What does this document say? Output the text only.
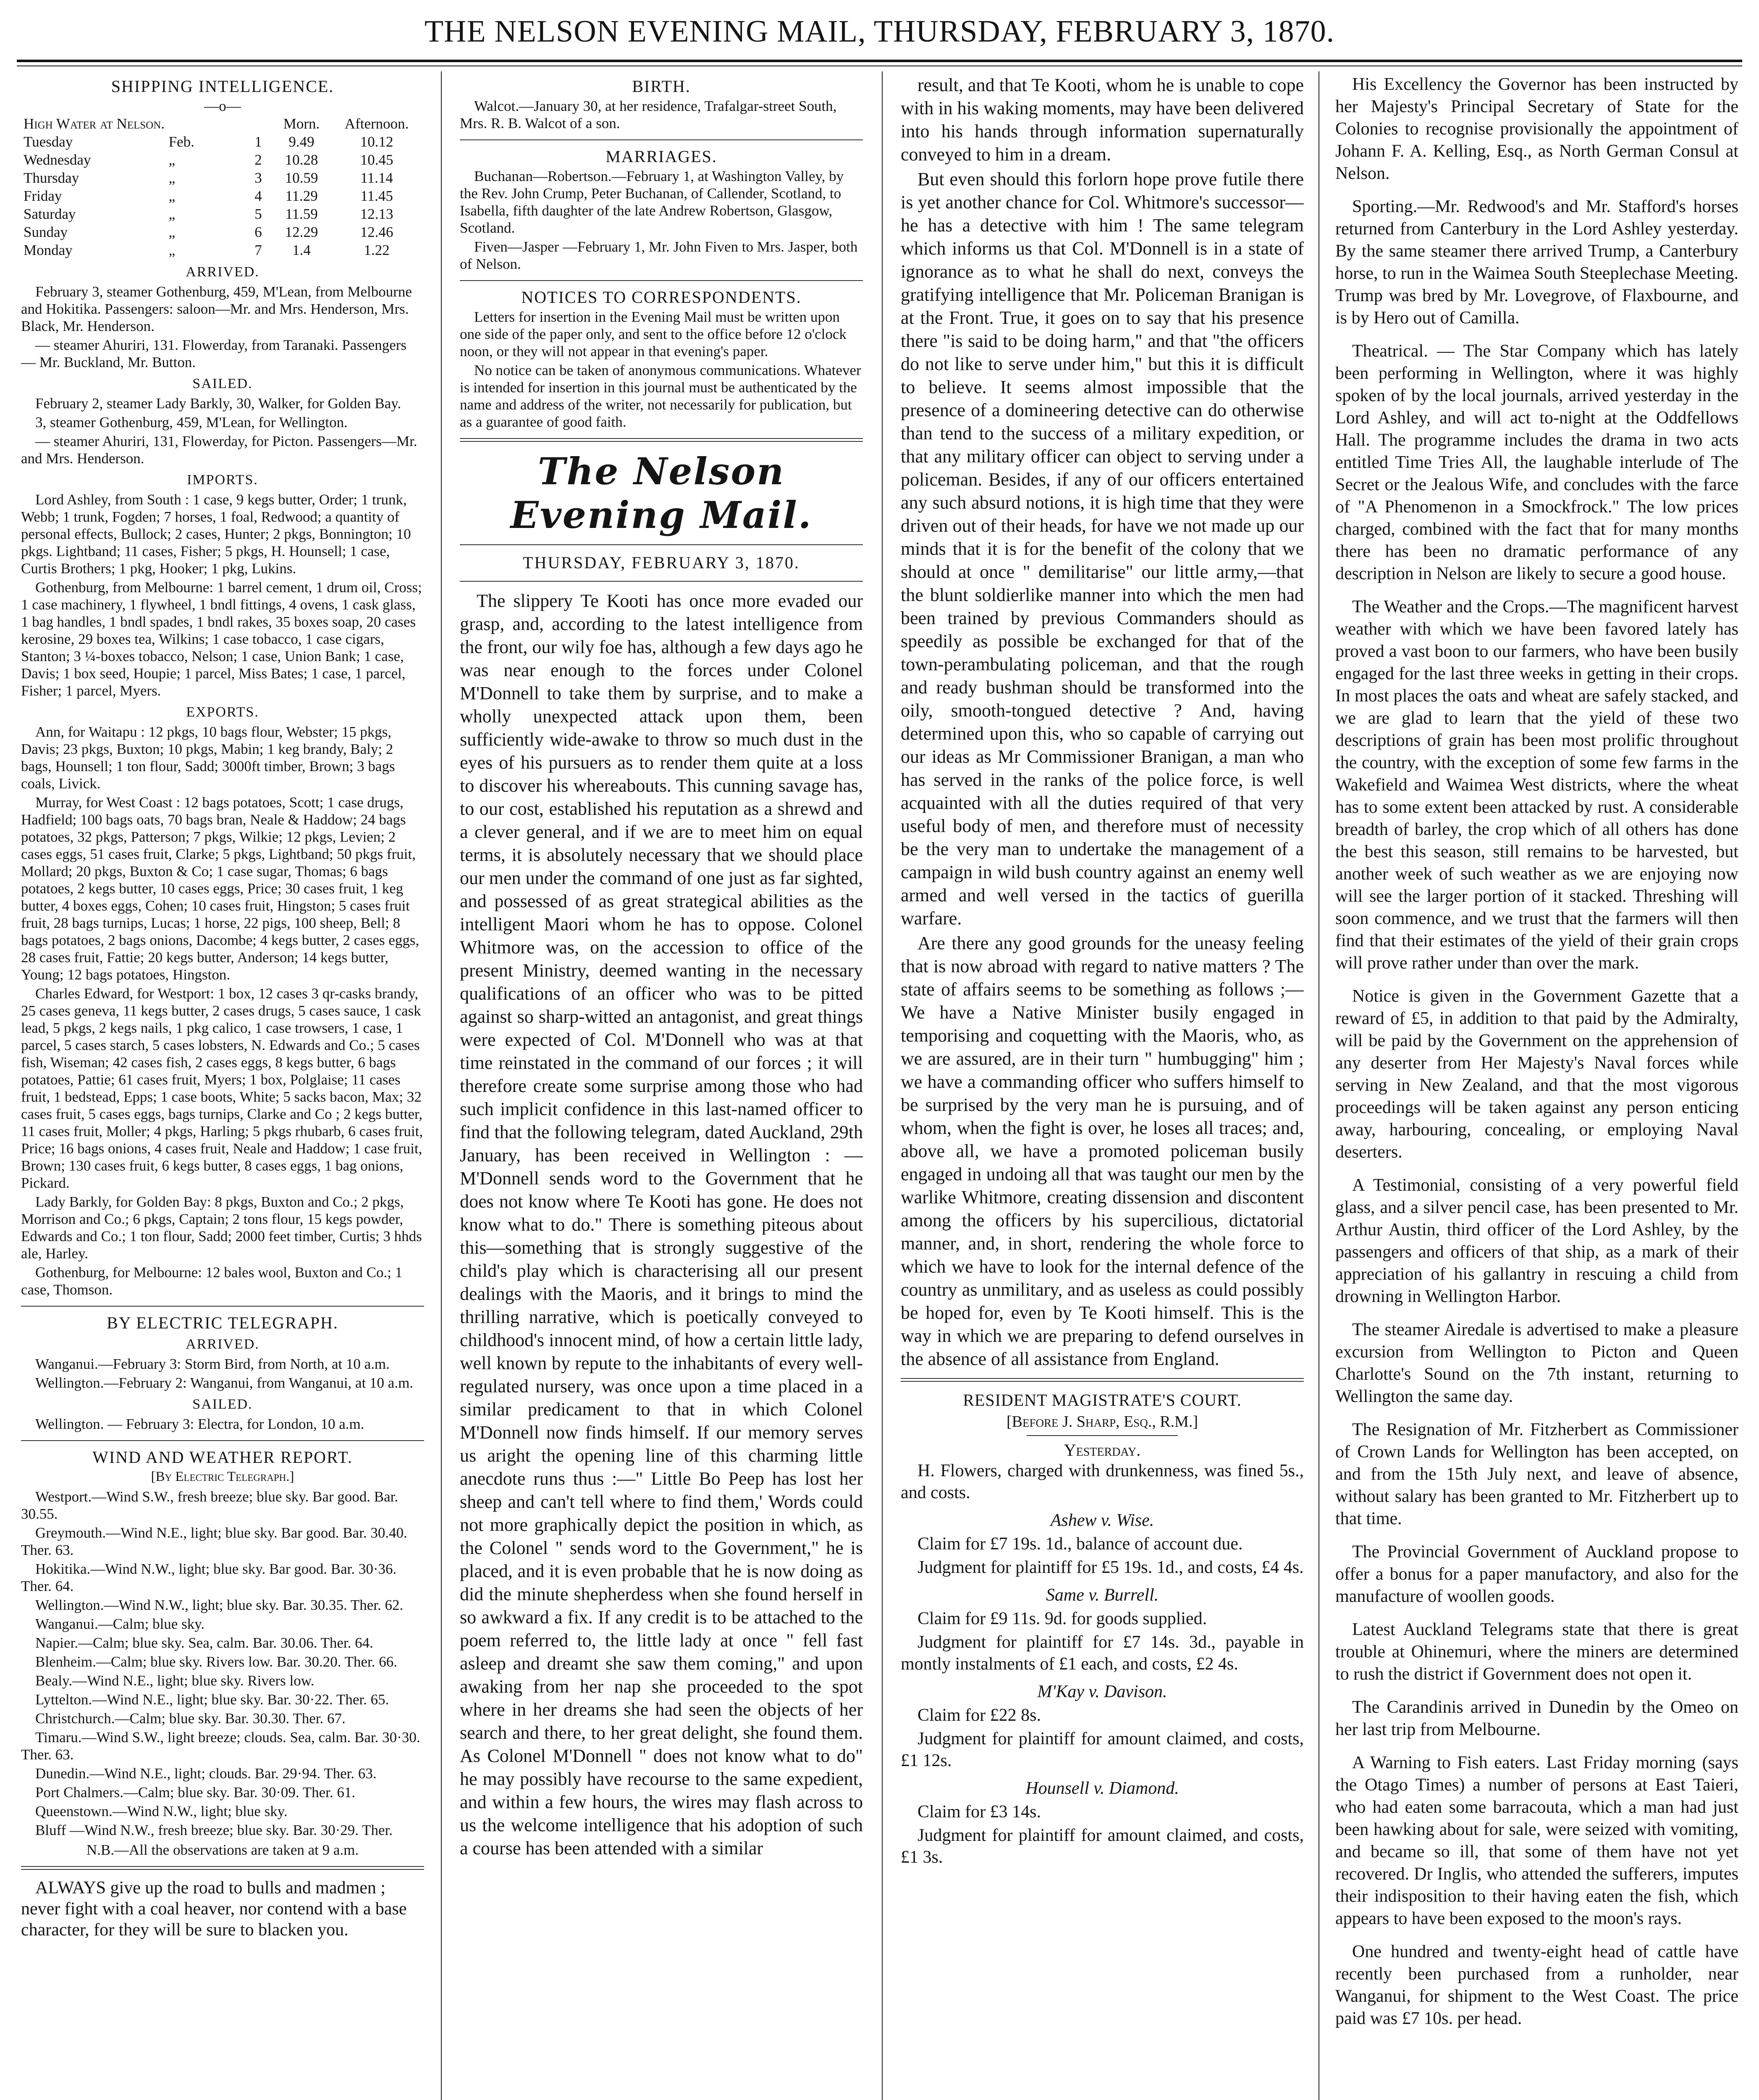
THE NELSON EVENING MAIL, THURSDAY, FEBRUARY 3, 1870.
SHIPPING INTELLIGENCE.
—o—
High Water at Nelson.			Morn.	Afternoon.
Tuesday	Feb.	1	9.49	10.12
Wednesday	„	2	10.28	10.45
Thursday	„	3	10.59	11.14
Friday	„	4	11.29	11.45
Saturday	„	5	11.59	12.13
Sunday	„	6	12.29	12.46
Monday	„	7	1.4	1.22
ARRIVED.
February 3, steamer Gothenburg, 459, M'Lean, from Melbourne and Hokitika. Passengers: saloon—Mr. and Mrs. Henderson, Mrs. Black, Mr. Henderson.
— steamer Ahuriri, 131. Flowerday, from Taranaki. Passengers — Mr. Buckland, Mr. Button.
SAILED.
February 2, steamer Lady Barkly, 30, Walker, for Golden Bay.
3, steamer Gothenburg, 459, M'Lean, for Wellington.
— steamer Ahuriri, 131, Flowerday, for Picton. Passengers—Mr. and Mrs. Henderson.
IMPORTS.
Lord Ashley, from South : 1 case, 9 kegs butter, Order; 1 trunk, Webb; 1 trunk, Fogden; 7 horses, 1 foal, Redwood; a quantity of personal effects, Bullock; 2 cases, Hunter; 2 pkgs, Bonnington; 10 pkgs. Lightband; 11 cases, Fisher; 5 pkgs, H. Hounsell; 1 case, Curtis Brothers; 1 pkg, Hooker; 1 pkg, Lukins.
Gothenburg, from Melbourne: 1 barrel cement, 1 drum oil, Cross; 1 case machinery, 1 flywheel, 1 bndl fittings, 4 ovens, 1 cask glass, 1 bag handles, 1 bndl spades, 1 bndl rakes, 35 boxes soap, 20 cases kerosine, 29 boxes tea, Wilkins; 1 case tobacco, 1 case cigars, Stanton; 3 ¼-boxes tobacco, Nelson; 1 case, Union Bank; 1 case, Davis; 1 box seed, Houpie; 1 parcel, Miss Bates; 1 case, 1 parcel, Fisher; 1 parcel, Myers.
EXPORTS.
Ann, for Waitapu : 12 pkgs, 10 bags flour, Webster; 15 pkgs, Davis; 23 pkgs, Buxton; 10 pkgs, Mabin; 1 keg brandy, Baly; 2 bags, Hounsell; 1 ton flour, Sadd; 3000ft timber, Brown; 3 bags coals, Livick.
Murray, for West Coast : 12 bags potatoes, Scott; 1 case drugs, Hadfield; 100 bags oats, 70 bags bran, Neale & Haddow; 24 bags potatoes, 32 pkgs, Patterson; 7 pkgs, Wilkie; 12 pkgs, Levien; 2 cases eggs, 51 cases fruit, Clarke; 5 pkgs, Lightband; 50 pkgs fruit, Mollard; 20 pkgs, Buxton & Co; 1 case sugar, Thomas; 6 bags potatoes, 2 kegs butter, 10 cases eggs, Price; 30 cases fruit, 1 keg butter, 4 boxes eggs, Cohen; 10 cases fruit, Hingston; 5 cases fruit fruit, 28 bags turnips, Lucas; 1 horse, 22 pigs, 100 sheep, Bell; 8 bags potatoes, 2 bags onions, Dacombe; 4 kegs butter, 2 cases eggs, 28 cases fruit, Fattie; 20 kegs butter, Anderson; 14 kegs butter, Young; 12 bags potatoes, Hingston.
Charles Edward, for Westport: 1 box, 12 cases 3 qr-casks brandy, 25 cases geneva, 11 kegs butter, 2 cases drugs, 5 cases sauce, 1 cask lead, 5 pkgs, 2 kegs nails, 1 pkg calico, 1 case trowsers, 1 case, 1 parcel, 5 cases starch, 5 cases lobsters, N. Edwards and Co.; 5 cases fish, Wiseman; 42 cases fish, 2 cases eggs, 8 kegs butter, 6 bags potatoes, Pattie; 61 cases fruit, Myers; 1 box, Polglaise; 11 cases fruit, 1 bedstead, Epps; 1 case boots, White; 5 sacks bacon, Max; 32 cases fruit, 5 cases eggs, bags turnips, Clarke and Co ; 2 kegs butter, 11 cases fruit, Moller; 4 pkgs, Harling; 5 pkgs rhubarb, 6 cases fruit, Price; 16 bags onions, 4 cases fruit, Neale and Haddow; 1 case fruit, Brown; 130 cases fruit, 6 kegs butter, 8 cases eggs, 1 bag onions, Pickard.
Lady Barkly, for Golden Bay: 8 pkgs, Buxton and Co.; 2 pkgs, Morrison and Co.; 6 pkgs, Captain; 2 tons flour, 15 kegs powder, Edwards and Co.; 1 ton flour, Sadd; 2000 feet timber, Curtis; 3 hhds ale, Harley.
Gothenburg, for Melbourne: 12 bales wool, Buxton and Co.; 1 case, Thomson.
BY ELECTRIC TELEGRAPH.
ARRIVED.
Wanganui.—February 3: Storm Bird, from North, at 10 a.m.
Wellington.—February 2: Wanganui, from Wanganui, at 10 a.m.
SAILED.
Wellington. — February 3: Electra, for London, 10 a.m.
WIND AND WEATHER REPORT.
[By Electric Telegraph.]
Westport.—Wind S.W., fresh breeze; blue sky. Bar good. Bar. 30.55.
Greymouth.—Wind N.E., light; blue sky. Bar good. Bar. 30.40. Ther. 63.
Hokitika.—Wind N.W., light; blue sky. Bar good. Bar. 30·36. Ther. 64.
Wellington.—Wind N.W., light; blue sky. Bar. 30.35. Ther. 62.
Wanganui.—Calm; blue sky.
Napier.—Calm; blue sky. Sea, calm. Bar. 30.06. Ther. 64.
Blenheim.—Calm; blue sky. Rivers low. Bar. 30.20. Ther. 66.
Bealy.—Wind N.E., light; blue sky. Rivers low.
Lyttelton.—Wind N.E., light; blue sky. Bar. 30·22. Ther. 65.
Christchurch.—Calm; blue sky. Bar. 30.30. Ther. 67.
Timaru.—Wind S.W., light breeze; clouds. Sea, calm. Bar. 30·30. Ther. 63.
Dunedin.—Wind N.E., light; clouds. Bar. 29·94. Ther. 63.
Port Chalmers.—Calm; blue sky. Bar. 30·09. Ther. 61.
Queenstown.—Wind N.W., light; blue sky.
Bluff —Wind N.W., fresh breeze; blue sky. Bar. 30·29. Ther.
N.B.—All the observations are taken at 9 a.m.
ALWAYS give up the road to bulls and madmen ; never fight with a coal heaver, nor contend with a base character, for they will be sure to blacken you.
BIRTH.
Walcot.—January 30, at her residence, Trafalgar-street South, Mrs. R. B. Walcot of a son.
MARRIAGES.
Buchanan—Robertson.—February 1, at Washington Valley, by the Rev. John Crump, Peter Buchanan, of Callender, Scotland, to Isabella, fifth daughter of the late Andrew Robertson, Glasgow, Scotland.
Fiven—Jasper —February 1, Mr. John Fiven to Mrs. Jasper, both of Nelson.
NOTICES TO CORRESPONDENTS.
Letters for insertion in the Evening Mail must be written upon one side of the paper only, and sent to the office before 12 o'clock noon, or they will not appear in that evening's paper.
No notice can be taken of anonymous communications. Whatever is intended for insertion in this journal must be authenticated by the name and address of the writer, not necessarily for publication, but as a guarantee of good faith.
The Nelson Evening Mail.
THURSDAY, FEBRUARY 3, 1870.
The slippery Te Kooti has once more evaded our grasp, and, according to the latest intelligence from the front, our wily foe has, although a few days ago he was near enough to the forces under Colonel M'Donnell to take them by surprise, and to make a wholly unexpected attack upon them, been sufficiently wide-awake to throw so much dust in the eyes of his pursuers as to render them quite at a loss to discover his whereabouts. This cunning savage has, to our cost, established his reputation as a shrewd and a clever general, and if we are to meet him on equal terms, it is absolutely necessary that we should place our men under the command of one just as far sighted, and possessed of as great strategical abilities as the intelligent Maori whom he has to oppose. Colonel Whitmore was, on the accession to office of the present Ministry, deemed wanting in the necessary qualifications of an officer who was to be pitted against so sharp-witted an antagonist, and great things were expected of Col. M'Donnell who was at that time reinstated in the command of our forces ; it will therefore create some surprise among those who had such implicit confidence in this last-named officer to find that the following telegram, dated Auckland, 29th January, has been received in Wellington : — M'Donnell sends word to the Government that he does not know where Te Kooti has gone. He does not know what to do." There is something piteous about this—something that is strongly suggestive of the child's play which is characterising all our present dealings with the Maoris, and it brings to mind the thrilling narrative, which is poetically conveyed to childhood's innocent mind, of how a certain little lady, well known by repute to the inhabitants of every well-regulated nursery, was once upon a time placed in a similar predicament to that in which Colonel M'Donnell now finds himself. If our memory serves us aright the opening line of this charming little anecdote runs thus :—" Little Bo Peep has lost her sheep and can't tell where to find them,' Words could not more graphically depict the position in which, as the Colonel " sends word to the Government," he is placed, and it is even probable that he is now doing as did the minute shepherdess when she found herself in so awkward a fix. If any credit is to be attached to the poem referred to, the little lady at once " fell fast asleep and dreamt she saw them coming," and upon awaking from her nap she proceeded to the spot where in her dreams she had seen the objects of her search and there, to her great delight, she found them. As Colonel M'Donnell " does not know what to do" he may possibly have recourse to the same expedient, and within a few hours, the wires may flash across to us the welcome intelligence that his adoption of such a course has been attended with a similar
result, and that Te Kooti, whom he is unable to cope with in his waking moments, may have been delivered into his hands through information supernaturally conveyed to him in a dream.
But even should this forlorn hope prove futile there is yet another chance for Col. Whitmore's successor—he has a detective with him ! The same telegram which informs us that Col. M'Donnell is in a state of ignorance as to what he shall do next, conveys the gratifying intelligence that Mr. Policeman Branigan is at the Front. True, it goes on to say that his presence there "is said to be doing harm," and that "the officers do not like to serve under him," but this it is difficult to believe. It seems almost impossible that the presence of a domineering detective can do otherwise than tend to the success of a military expedition, or that any military officer can object to serving under a policeman. Besides, if any of our officers entertained any such absurd notions, it is high time that they were driven out of their heads, for have we not made up our minds that it is for the benefit of the colony that we should at once " demilitarise" our little army,—that the blunt soldierlike manner into which the men had been trained by previous Commanders should as speedily as possible be exchanged for that of the town-perambulating policeman, and that the rough and ready bushman should be transformed into the oily, smooth-tongued detective ? And, having determined upon this, who so capable of carrying out our ideas as Mr Commissioner Branigan, a man who has served in the ranks of the police force, is well acquainted with all the duties required of that very useful body of men, and therefore must of necessity be the very man to undertake the management of a campaign in wild bush country against an enemy well armed and well versed in the tactics of guerilla warfare.
Are there any good grounds for the uneasy feeling that is now abroad with regard to native matters ? The state of affairs seems to be something as follows ;—We have a Native Minister busily engaged in temporising and coquetting with the Maoris, who, as we are assured, are in their turn " humbugging" him ; we have a commanding officer who suffers himself to be surprised by the very man he is pursuing, and of whom, when the fight is over, he loses all traces; and, above all, we have a promoted policeman busily engaged in undoing all that was taught our men by the warlike Whitmore, creating dissension and discontent among the officers by his supercilious, dictatorial manner, and, in short, rendering the whole force to which we have to look for the internal defence of the country as unmilitary, and as useless as could possibly be hoped for, even by Te Kooti himself. This is the way in which we are preparing to defend ourselves in the absence of all assistance from England.
RESIDENT MAGISTRATE'S COURT.
[Before J. Sharp, Esq., R.M.]
Yesterday.
H. Flowers, charged with drunkenness, was fined 5s., and costs.
Ashew v. Wise.
Claim for £7 19s. 1d., balance of account due.
Judgment for plaintiff for £5 19s. 1d., and costs, £4 4s.
Same v. Burrell.
Claim for £9 11s. 9d. for goods supplied.
Judgment for plaintiff for £7 14s. 3d., payable in montly instalments of £1 each, and costs, £2 4s.
M'Kay v. Davison.
Claim for £22 8s.
Judgment for plaintiff for amount claimed, and costs, £1 12s.
Hounsell v. Diamond.
Claim for £3 14s.
Judgment for plaintiff for amount claimed, and costs, £1 3s.
His Excellency the Governor has been instructed by her Majesty's Principal Secretary of State for the Colonies to recognise provisionally the appointment of Johann F. A. Kelling, Esq., as North German Consul at Nelson.
Sporting.—Mr. Redwood's and Mr. Stafford's horses returned from Canterbury in the Lord Ashley yesterday. By the same steamer there arrived Trump, a Canterbury horse, to run in the Waimea South Steeplechase Meeting. Trump was bred by Mr. Lovegrove, of Flaxbourne, and is by Hero out of Camilla.
Theatrical. — The Star Company which has lately been performing in Wellington, where it was highly spoken of by the local journals, arrived yesterday in the Lord Ashley, and will act to-night at the Oddfellows Hall. The programme includes the drama in two acts entitled Time Tries All, the laughable interlude of The Secret or the Jealous Wife, and concludes with the farce of "A Phenomenon in a Smockfrock." The low prices charged, combined with the fact that for many months there has been no dramatic performance of any description in Nelson are likely to secure a good house.
The Weather and the Crops.—The magnificent harvest weather with which we have been favored lately has proved a vast boon to our farmers, who have been busily engaged for the last three weeks in getting in their crops. In most places the oats and wheat are safely stacked, and we are glad to learn that the yield of these two descriptions of grain has been most prolific throughout the country, with the exception of some few farms in the Wakefield and Waimea West districts, where the wheat has to some extent been attacked by rust. A considerable breadth of barley, the crop which of all others has done the best this season, still remains to be harvested, but another week of such weather as we are enjoying now will see the larger portion of it stacked. Threshing will soon commence, and we trust that the farmers will then find that their estimates of the yield of their grain crops will prove rather under than over the mark.
Notice is given in the Government Gazette that a reward of £5, in addition to that paid by the Admiralty, will be paid by the Government on the apprehension of any deserter from Her Majesty's Naval forces while serving in New Zealand, and that the most vigorous proceedings will be taken against any person enticing away, harbouring, concealing, or employing Naval deserters.
A Testimonial, consisting of a very powerful field glass, and a silver pencil case, has been presented to Mr. Arthur Austin, third officer of the Lord Ashley, by the passengers and officers of that ship, as a mark of their appreciation of his gallantry in rescuing a child from drowning in Wellington Harbor.
The steamer Airedale is advertised to make a pleasure excursion from Wellington to Picton and Queen Charlotte's Sound on the 7th instant, returning to Wellington the same day.
The Resignation of Mr. Fitzherbert as Commissioner of Crown Lands for Wellington has been accepted, on and from the 15th July next, and leave of absence, without salary has been granted to Mr. Fitzherbert up to that time.
The Provincial Government of Auckland propose to offer a bonus for a paper manufactory, and also for the manufacture of woollen goods.
Latest Auckland Telegrams state that there is great trouble at Ohinemuri, where the miners are determined to rush the district if Government does not open it.
The Carandinis arrived in Dunedin by the Omeo on her last trip from Melbourne.
A Warning to Fish eaters. Last Friday morning (says the Otago Times) a number of persons at East Taieri, who had eaten some barracouta, which a man had just been hawking about for sale, were seized with vomiting, and became so ill, that some of them have not yet recovered. Dr Inglis, who attended the sufferers, imputes their indisposition to their having eaten the fish, which appears to have been exposed to the moon's rays.
One hundred and twenty-eight head of cattle have recently been purchased from a runholder, near Wanganui, for shipment to the West Coast. The price paid was £7 10s. per head.
